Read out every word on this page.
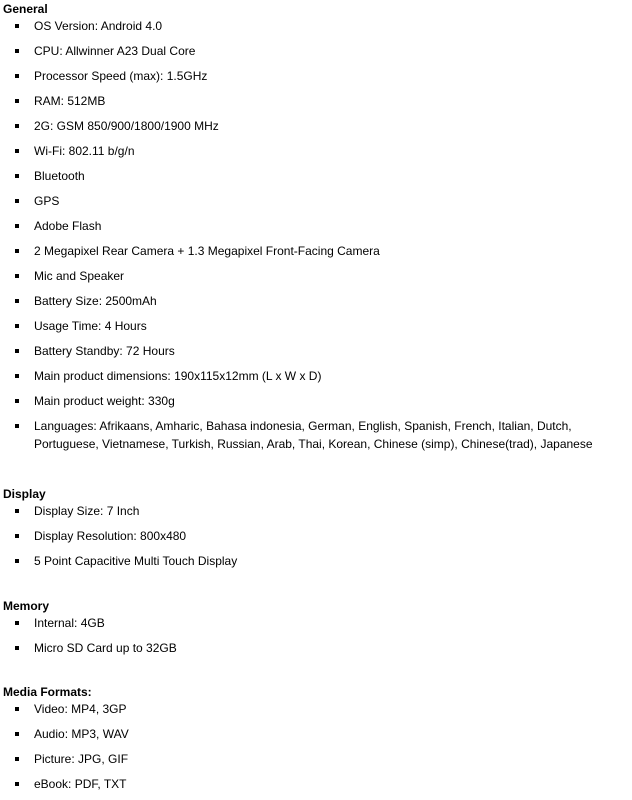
General
OS Version: Android 4.0
CPU: Allwinner A23 Dual Core
Processor Speed (max): 1.5GHz
RAM: 512MB
2G: GSM 850/900/1800/1900 MHz
Wi-Fi: 802.11 b/g/n
Bluetooth
GPS
Adobe Flash
2 Megapixel Rear Camera + 1.3 Megapixel Front-Facing Camera
Mic and Speaker
Battery Size: 2500mAh
Usage Time: 4 Hours
Battery Standby: 72 Hours
Main product dimensions: 190x115x12mm (L x W x D)
Main product weight: 330g
Languages: Afrikaans, Amharic, Bahasa indonesia, German, English, Spanish, French, Italian, Dutch, Portuguese, Vietnamese, Turkish, Russian, Arab, Thai, Korean, Chinese (simp), Chinese(trad), Japanese
Display
Display Size: 7 Inch
Display Resolution: 800x480
5 Point Capacitive Multi Touch Display
Memory
Internal: 4GB
Micro SD Card up to 32GB
Media Formats:
Video: MP4, 3GP
Audio: MP3, WAV
Picture: JPG, GIF
eBook: PDF, TXT
